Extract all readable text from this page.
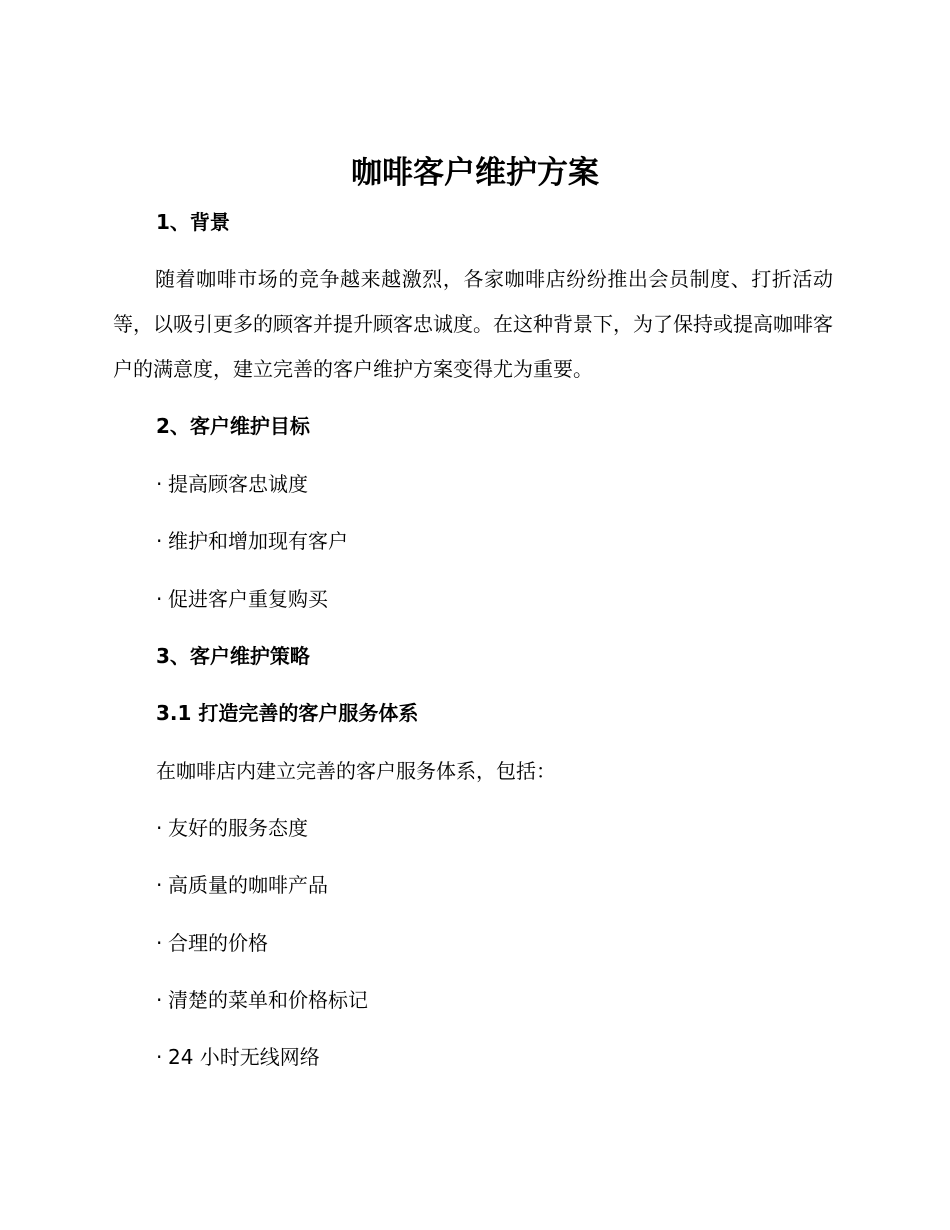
咖啡客户维护方案
1、背景

随着咖啡市场的竞争越来越激烈，各家咖啡店纷纷推出会员制度、打折活动等，以吸引更多的顾客并提升顾客忠诚度。在这种背景下，为了保持或提高咖啡客户的满意度，建立完善的客户维护方案变得尤为重要。

2、客户维护目标
· 提高顾客忠诚度
· 维护和增加现有客户
· 促进客户重复购买
3、客户维护策略
3.1 打造完善的客户服务体系

在咖啡店内建立完善的客户服务体系，包括：

· 友好的服务态度
· 高质量的咖啡产品
· 合理的价格
· 清楚的菜单和价格标记
· 24 小时无线网络
